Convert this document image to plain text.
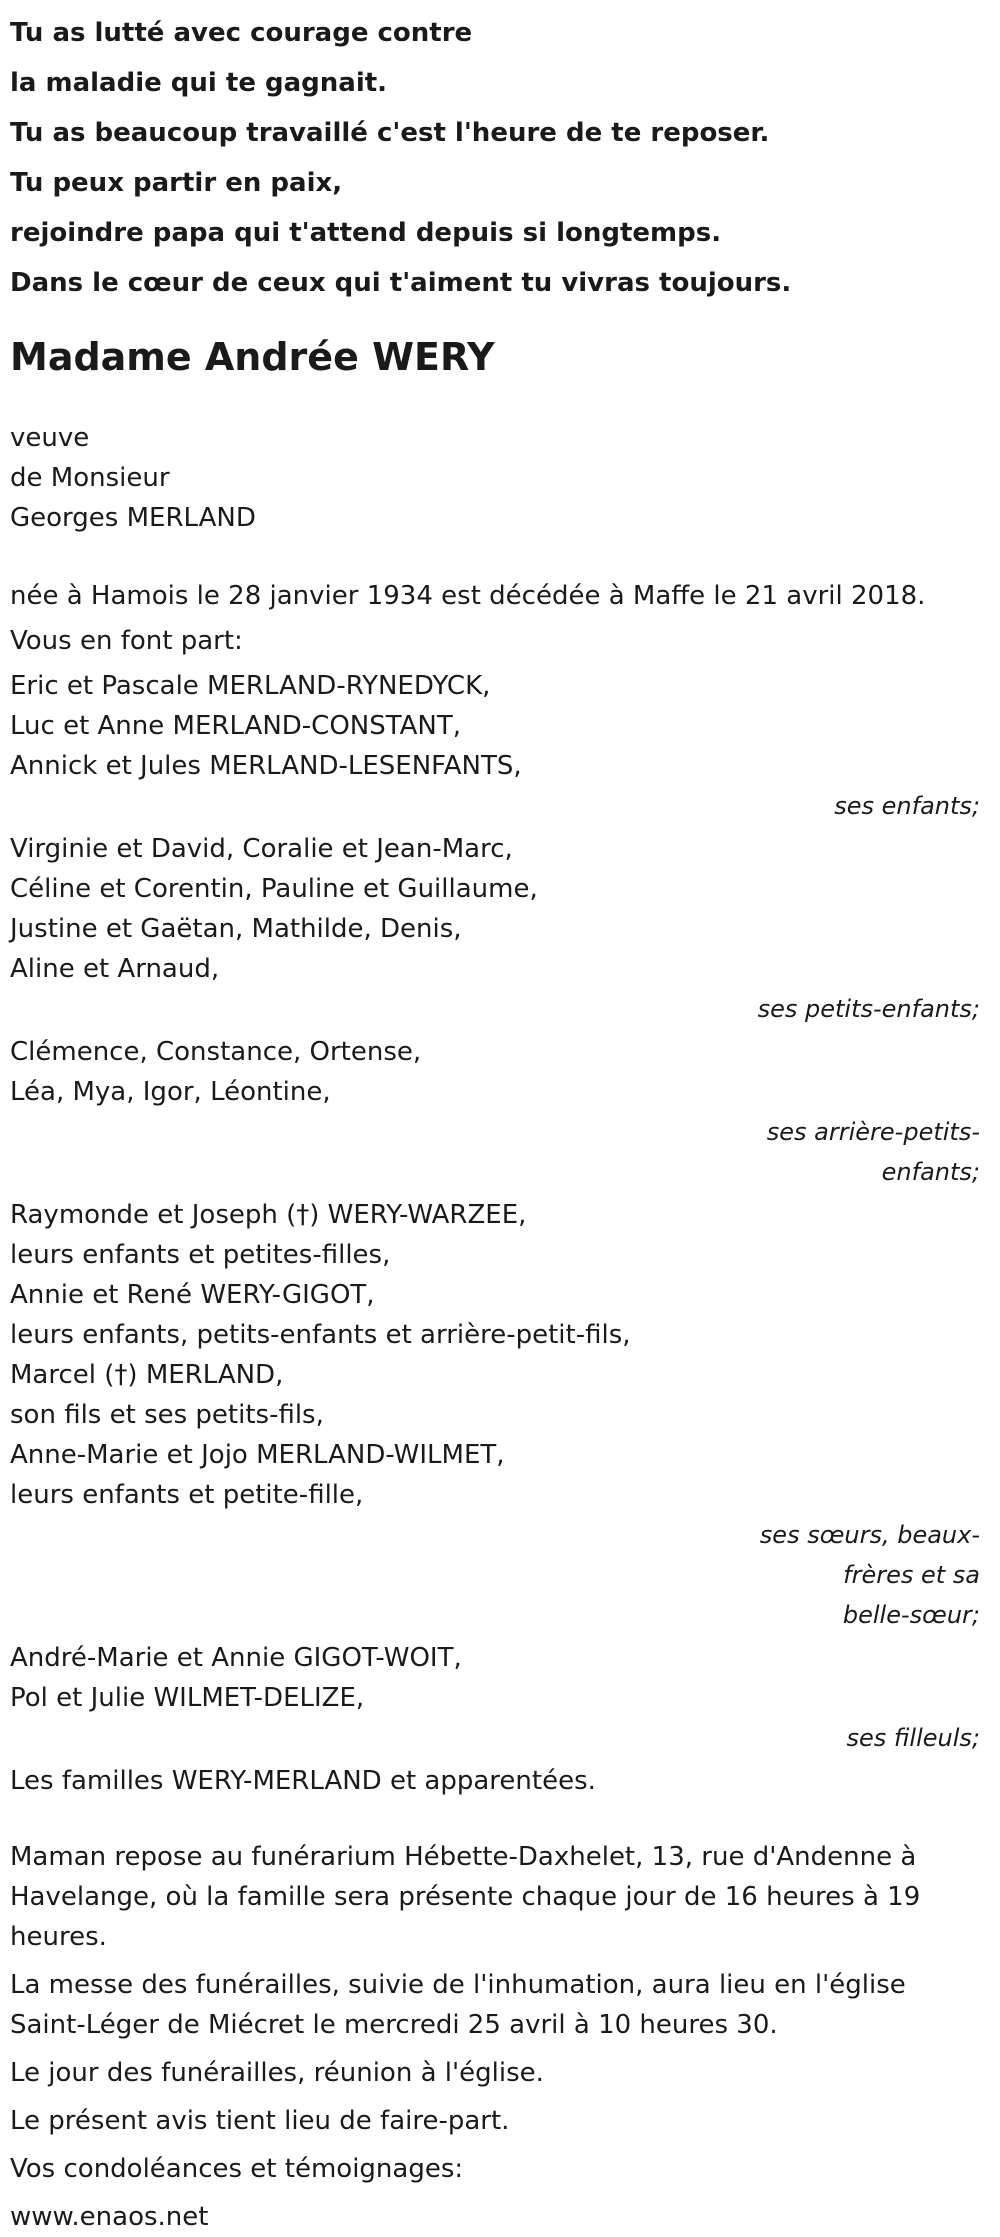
Tu as lutté avec courage contre

la maladie qui te gagnait.

Tu as beaucoup travaillé c'est l'heure de te reposer.

Tu peux partir en paix,

rejoindre papa qui t'attend depuis si longtemps.

Dans le cœur de ceux qui t'aiment tu vivras toujours.

Madame Andrée WERY

veuve

de Monsieur

Georges MERLAND

née à Hamois le 28 janvier 1934 est décédée à Maffe le 21 avril 2018.

Vous en font part:

Eric et Pascale MERLAND-RYNEDYCK,

Luc et Anne MERLAND-CONSTANT,

Annick et Jules MERLAND-LESENFANTS,

ses enfants;

Virginie et David, Coralie et Jean-Marc,

Céline et Corentin, Pauline et Guillaume,

Justine et Gaëtan, Mathilde, Denis,

Aline et Arnaud,

ses petits-enfants;

Clémence, Constance, Ortense,

Léa, Mya, Igor, Léontine,

ses arrière-petits-

enfants;

Raymonde et Joseph (†) WERY-WARZEE,

leurs enfants et petites-filles,

Annie et René WERY-GIGOT,

leurs enfants, petits-enfants et arrière-petit-fils,

Marcel (†) MERLAND,

son fils et ses petits-fils,

Anne-Marie et Jojo MERLAND-WILMET,

leurs enfants et petite-fille,

ses sœurs, beaux-

frères et sa

belle-sœur;

André-Marie et Annie GIGOT-WOIT,

Pol et Julie WILMET-DELIZE,

ses filleuls;

Les familles WERY-MERLAND et apparentées.

Maman repose au funérarium Hébette-Daxhelet, 13, rue d'Andenne à

Havelange, où la famille sera présente chaque jour de 16 heures à 19

heures.

La messe des funérailles, suivie de l'inhumation, aura lieu en l'église

Saint-Léger de Miécret le mercredi 25 avril à 10 heures 30.

Le jour des funérailles, réunion à l'église.

Le présent avis tient lieu de faire-part.

Vos condoléances et témoignages:

www.enaos.net
